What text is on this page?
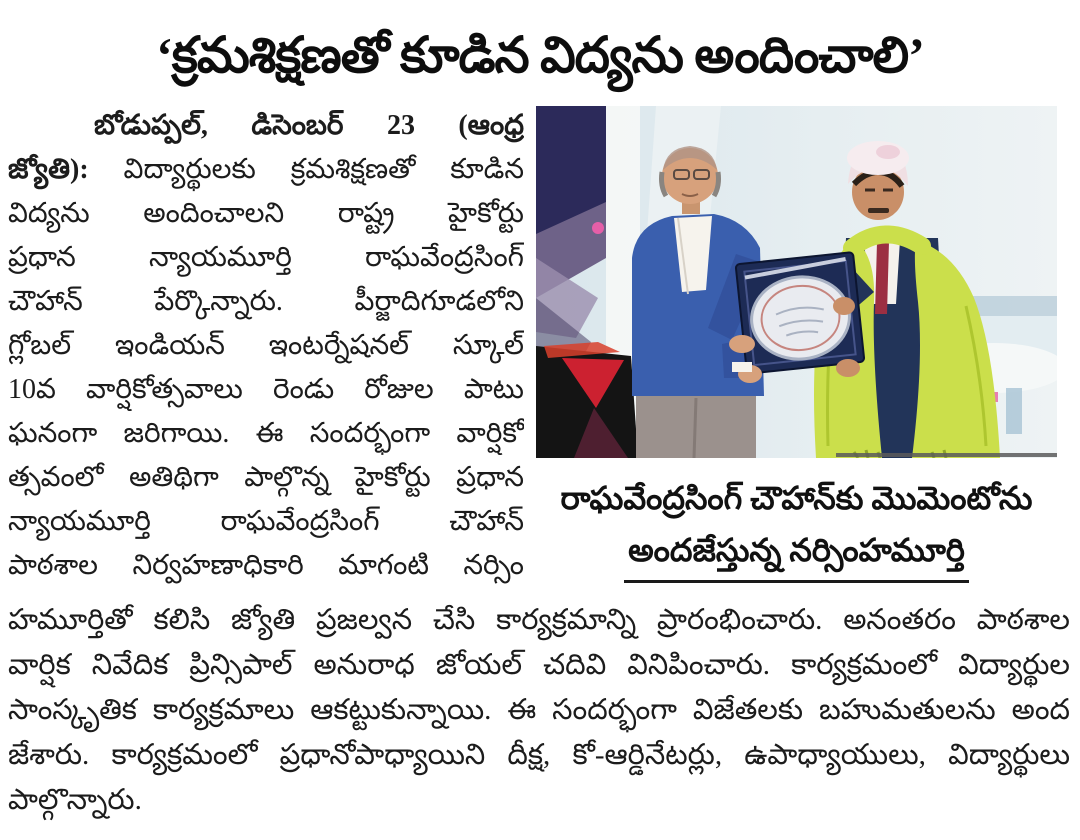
‘క్రమశిక్షణతో కూడిన విద్యను అందించాలి’
బోడుప్పల్, డిసెంబర్ 23 (ఆంధ్ర
జ్యోతి): విద్యార్థులకు క్రమశిక్షణతో కూడిన
విద్యను అందించాలని రాష్ట్ర హైకోర్టు
ప్రధాన న్యాయమూర్తి రాఘవేంద్రసింగ్
చౌహాన్ పేర్కొన్నారు. పీర్జాదిగూడలోని
గ్లోబల్ ఇండియన్ ఇంటర్నేషనల్ స్కూల్
10వ వార్షికోత్సవాలు రెండు రోజుల పాటు
ఘనంగా జరిగాయి. ఈ సందర్భంగా వార్షికో
త్సవంలో అతిథిగా పాల్గొన్న హైకోర్టు ప్రధాన
న్యాయమూర్తి రాఘవేంద్రసింగ్ చౌహాన్
పాఠశాల నిర్వహణాధికారి మాగంటి నర్సిం
రాఘవేంద్రసింగ్ చౌహాన్‌కు మొమెంటోను
అందజేస్తున్న నర్సింహమూర్తి
హమూర్తితో కలిసి జ్యోతి ప్రజల్వన చేసి కార్యక్రమాన్ని ప్రారంభించారు. అనంతరం పాఠశాల
వార్షిక నివేదిక ప్రిన్సిపాల్ అనురాధ జోయల్ చదివి వినిపించారు. కార్యక్రమంలో విద్యార్థుల
సాంస్కృతిక కార్యక్రమాలు ఆకట్టుకున్నాయి. ఈ సందర్భంగా విజేతలకు బహుమతులను అంద
జేశారు. కార్యక్రమంలో ప్రధానోపాధ్యాయిని దీక్ష, కో-ఆర్డినేటర్లు, ఉపాధ్యాయులు, విద్యార్థులు
పాల్గొన్నారు.
